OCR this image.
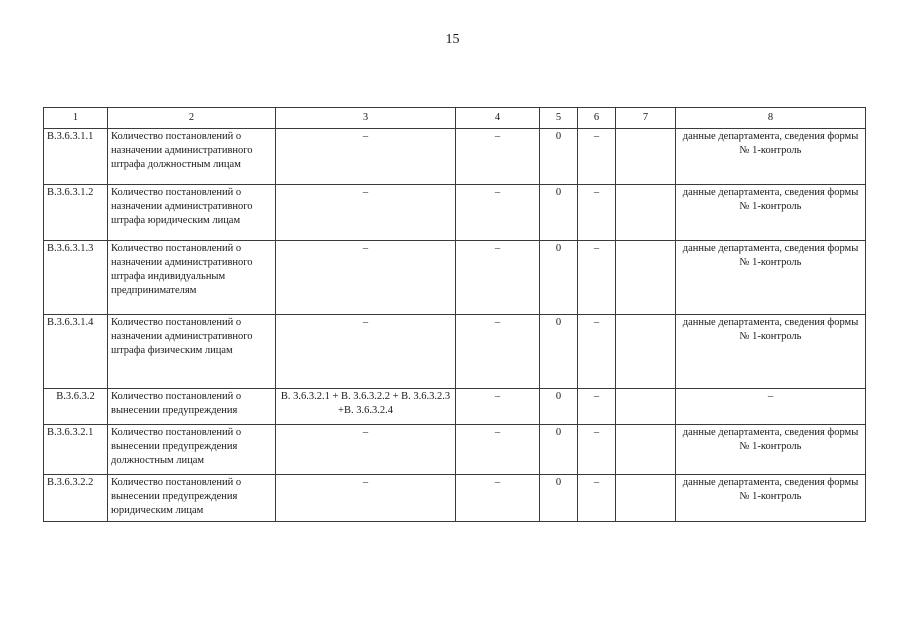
15
1	2	3	4	5	6	7	8
В.3.6.3.1.1	Количество постановлений о назначении административного штрафа должностным лицам	–	–	0	–		данные департамента, сведения формы № 1-контроль
В.3.6.3.1.2	Количество постановлений о назначении административного штрафа юридическим лицам	–	–	0	–		данные департамента, сведения формы № 1-контроль
В.3.6.3.1.3	Количество постановлений о назначении административного штрафа индивидуальным предпринимателям	–	–	0	–		данные департамента, сведения формы № 1-контроль
В.3.6.3.1.4	Количество постановлений о назначении административного штрафа физическим лицам	–	–	0	–		данные департамента, сведения формы № 1-контроль
В.3.6.3.2	Количество постановлений о вынесении предупреждения	В. 3.6.3.2.1 + В. 3.6.3.2.2 + В. 3.6.3.2.3 +В. 3.6.3.2.4	–	0	–		–
В.3.6.3.2.1	Количество постановлений о вынесении предупреждения должностным лицам	–	–	0	–		данные департамента, сведения формы № 1-контроль
В.3.6.3.2.2	Количество постановлений о вынесении предупреждения юридическим лицам	–	–	0	–		данные департамента, сведения формы № 1-контроль
